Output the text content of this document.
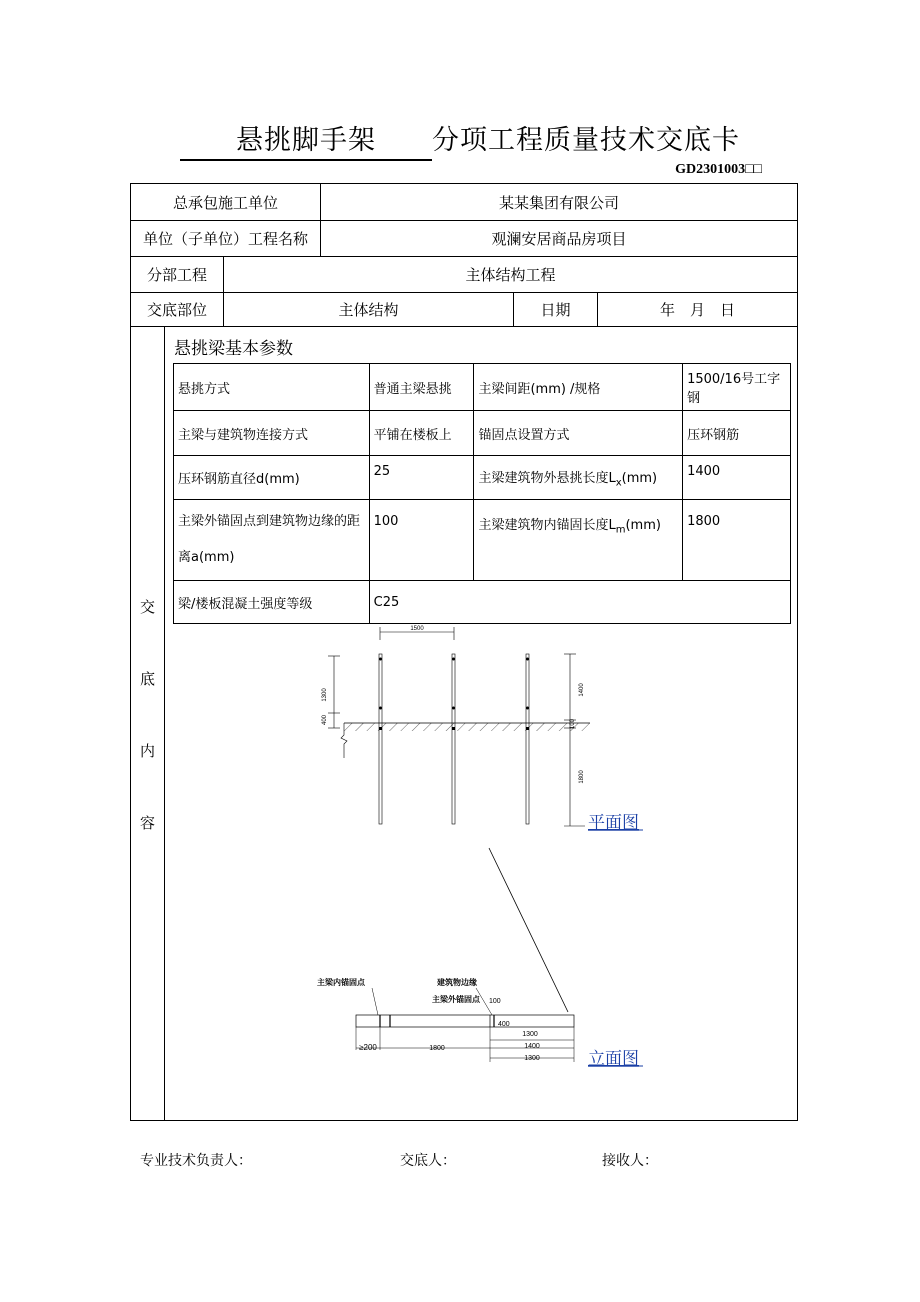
悬挑脚手架 分项工程质量技术交底卡
GD2301003□□
总承包施工单位	某某集团有限公司
单位（子单位）工程名称	观澜安居商品房项目
分部工程	主体结构工程
交底部位	主体结构	日期	年　月　日
交
底
内
容
悬挑梁基本参数
悬挑方式	普通主梁悬挑	主梁间距(mm) /规格	1500/16号工字钢
主梁与建筑物连接方式	平铺在楼板上	锚固点设置方式	压环钢筋
压环钢筋直径d(mm)	25	主梁建筑物外悬挑长度$L_x(mm)$	1400
主梁外锚固点到建筑物边缘的距离a(mm)	100	主梁建筑物内锚固长度$L_m(mm)$	1800
梁/楼板混凝土强度等级	C25		
1500
1300
400
1400
100
1800
平面图
主梁内锚固点	建筑物边缘
主梁外锚固点 100
400
1300
≥200	1800	1400
1300	立面图
专业技术负责人：	交底人：	接收人：
